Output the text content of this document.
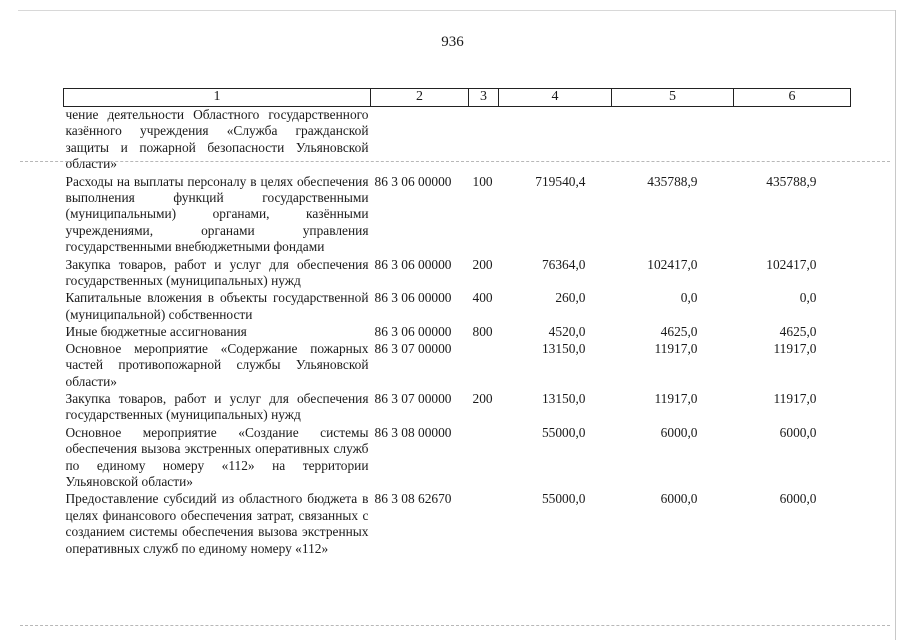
936
1	2	3	4	5	6
чение деятельности Областного государственного казённого учреждения «Служба гражданской защиты и пожарной безопасности Ульяновской области»					
Расходы на выплаты персоналу в целях обеспечения выполнения функций государственными (муниципальными) органами, казёнными учреждениями, органами управления государственными внебюджетными фондами	86 3 06 00000	100	719540,4	435788,9	435788,9
Закупка товаров, работ и услуг для обеспечения государственных (муниципальных) нужд	86 3 06 00000	200	76364,0	102417,0	102417,0
Капитальные вложения в объекты государственной (муниципальной) собственности	86 3 06 00000	400	260,0	0,0	0,0
Иные бюджетные ассигнования	86 3 06 00000	800	4520,0	4625,0	4625,0
Основное мероприятие «Содержание пожарных частей противопожарной службы Ульяновской области»	86 3 07 00000		13150,0	11917,0	11917,0
Закупка товаров, работ и услуг для обеспечения государственных (муниципальных) нужд	86 3 07 00000	200	13150,0	11917,0	11917,0
Основное мероприятие «Создание системы обеспечения вызова экстренных оперативных служб по единому номеру «112» на территории Ульяновской области»	86 3 08 00000		55000,0	6000,0	6000,0
Предоставление субсидий из областного бюджета в целях финансового обеспечения затрат, связанных с созданием системы обеспечения вызова экстренных оперативных служб по единому номеру «112»	86 3 08 62670		55000,0	6000,0	6000,0
